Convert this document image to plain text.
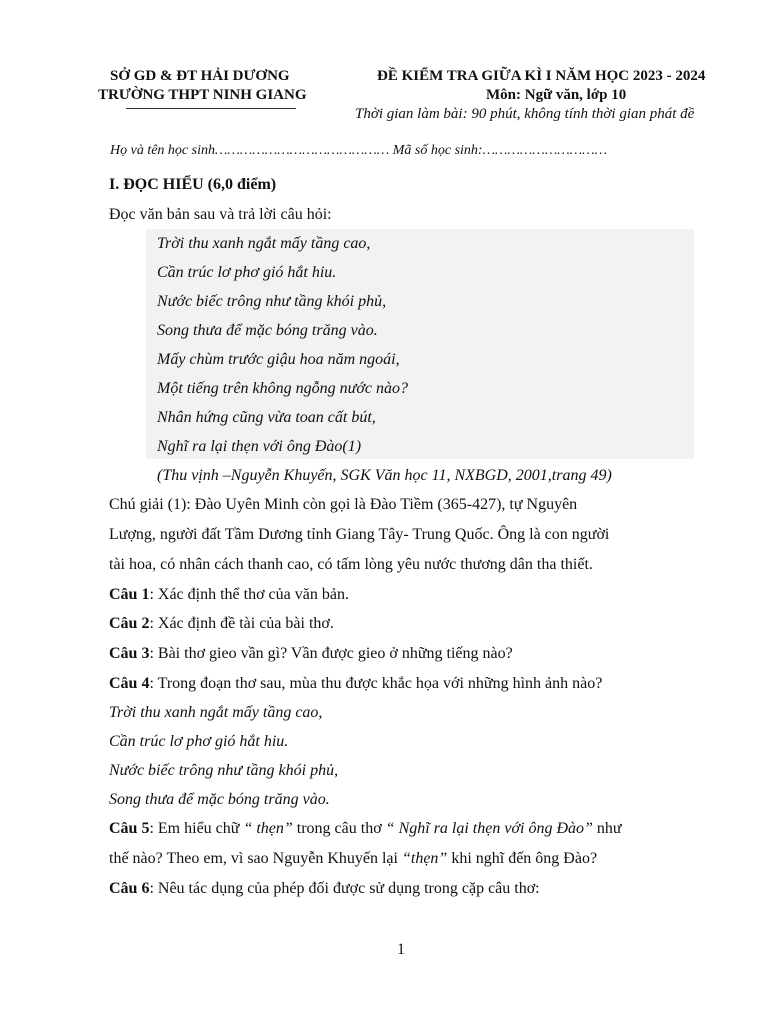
SỞ GD & ĐT HẢI DƯƠNG
TRƯỜNG THPT NINH GIANG
ĐỀ KIỂM TRA GIỮA KÌ I NĂM HỌC 2023 - 2024
Môn: Ngữ văn, lớp 10
Thời gian làm bài: 90 phút, không tính thời gian phát đề
Họ và tên học sinh…………………………………… Mã số học sinh:…………………………
I. ĐỌC HIỂU (6,0 điểm)
Đọc văn bản sau và trả lời câu hỏi:
Trời thu xanh ngắt mấy tầng cao,
Cần trúc lơ phơ gió hắt hiu.
Nước biếc trông như tầng khói phủ,
Song thưa để mặc bóng trăng vào.
Mấy chùm trước giậu hoa năm ngoái,
Một tiếng trên không ngỗng nước nào?
Nhân hứng cũng vừa toan cất bút,
Nghĩ ra lại thẹn với ông Đào(1)
(Thu vịnh –Nguyễn Khuyến, SGK Văn học 11, NXBGD, 2001,trang 49)
Chú giải (1): Đào Uyên Minh còn gọi là Đào Tiềm (365-427), tự Nguyên
Lượng, người đất Tầm Dương tỉnh Giang Tây- Trung Quốc. Ông là con người
tài hoa, có nhân cách thanh cao, có tấm lòng yêu nước thương dân tha thiết.
Câu 1: Xác định thể thơ của văn bản.
Câu 2: Xác định đề tài của bài thơ.
Câu 3: Bài thơ gieo vần gì? Vần được gieo ở những tiếng nào?
Câu 4: Trong đoạn thơ sau, mùa thu được khắc họa với những hình ảnh nào?
Trời thu xanh ngắt mấy tầng cao,
Cần trúc lơ phơ gió hắt hiu.
Nước biếc trông như tầng khói phủ,
Song thưa để mặc bóng trăng vào.
Câu 5: Em hiểu chữ “ thẹn” trong câu thơ “ Nghĩ ra lại thẹn với ông Đào” như
thế nào? Theo em, vì sao Nguyễn Khuyến lại “thẹn” khi nghĩ đến ông Đào?
Câu 6: Nêu tác dụng của phép đối được sử dụng trong cặp câu thơ:
1
